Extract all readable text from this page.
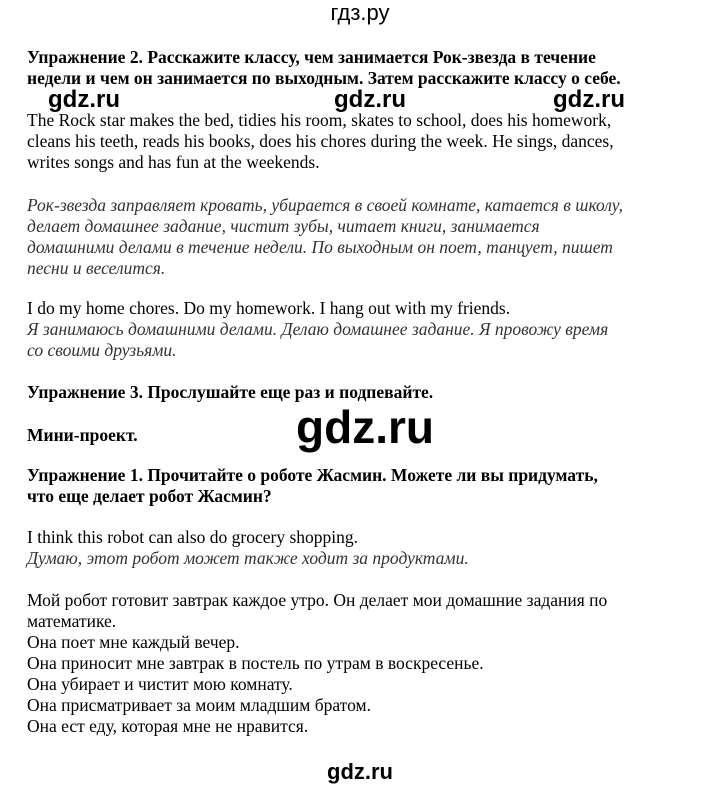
гдз.ру
Упражнение 2. Расскажите классу, чем занимается Рок-звезда в течение
недели и чем он занимается по выходным. Затем расскажите классу о себе.
gdz.ru	gdz.ru	gdz.ru
The Rock star makes the bed, tidies his room, skates to school, does his homework,
cleans his teeth, reads his books, does his chores during the week. He sings, dances,
writes songs and has fun at the weekends.
Рок-звезда заправляет кровать, убирается в своей комнате, катается в школу,
делает домашнее задание, чистит зубы, читает книги, занимается
домашними делами в течение недели. По выходным он поет, танцует, пишет
песни и веселится.
I do my home chores. Do my homework. I hang out with my friends.
Я занимаюсь домашними делами. Делаю домашнее задание. Я провожу время
со своими друзьями.
Упражнение 3. Прослушайте еще раз и подпевайте.
Мини-проект.	gdz.ru
Упражнение 1. Прочитайте о роботе Жасмин. Можете ли вы придумать,
что еще делает робот Жасмин?
I think this robot can also do grocery shopping.
Думаю, этот робот может также ходит за продуктами.
Мой робот готовит завтрак каждое утро. Он делает мои домашние задания по
математике.
Она поет мне каждый вечер.
Она приносит мне завтрак в постель по утрам в воскресенье.
Она убирает и чистит мою комнату.
Она присматривает за моим младшим братом.
Она ест еду, которая мне не нравится.
gdz.ru
